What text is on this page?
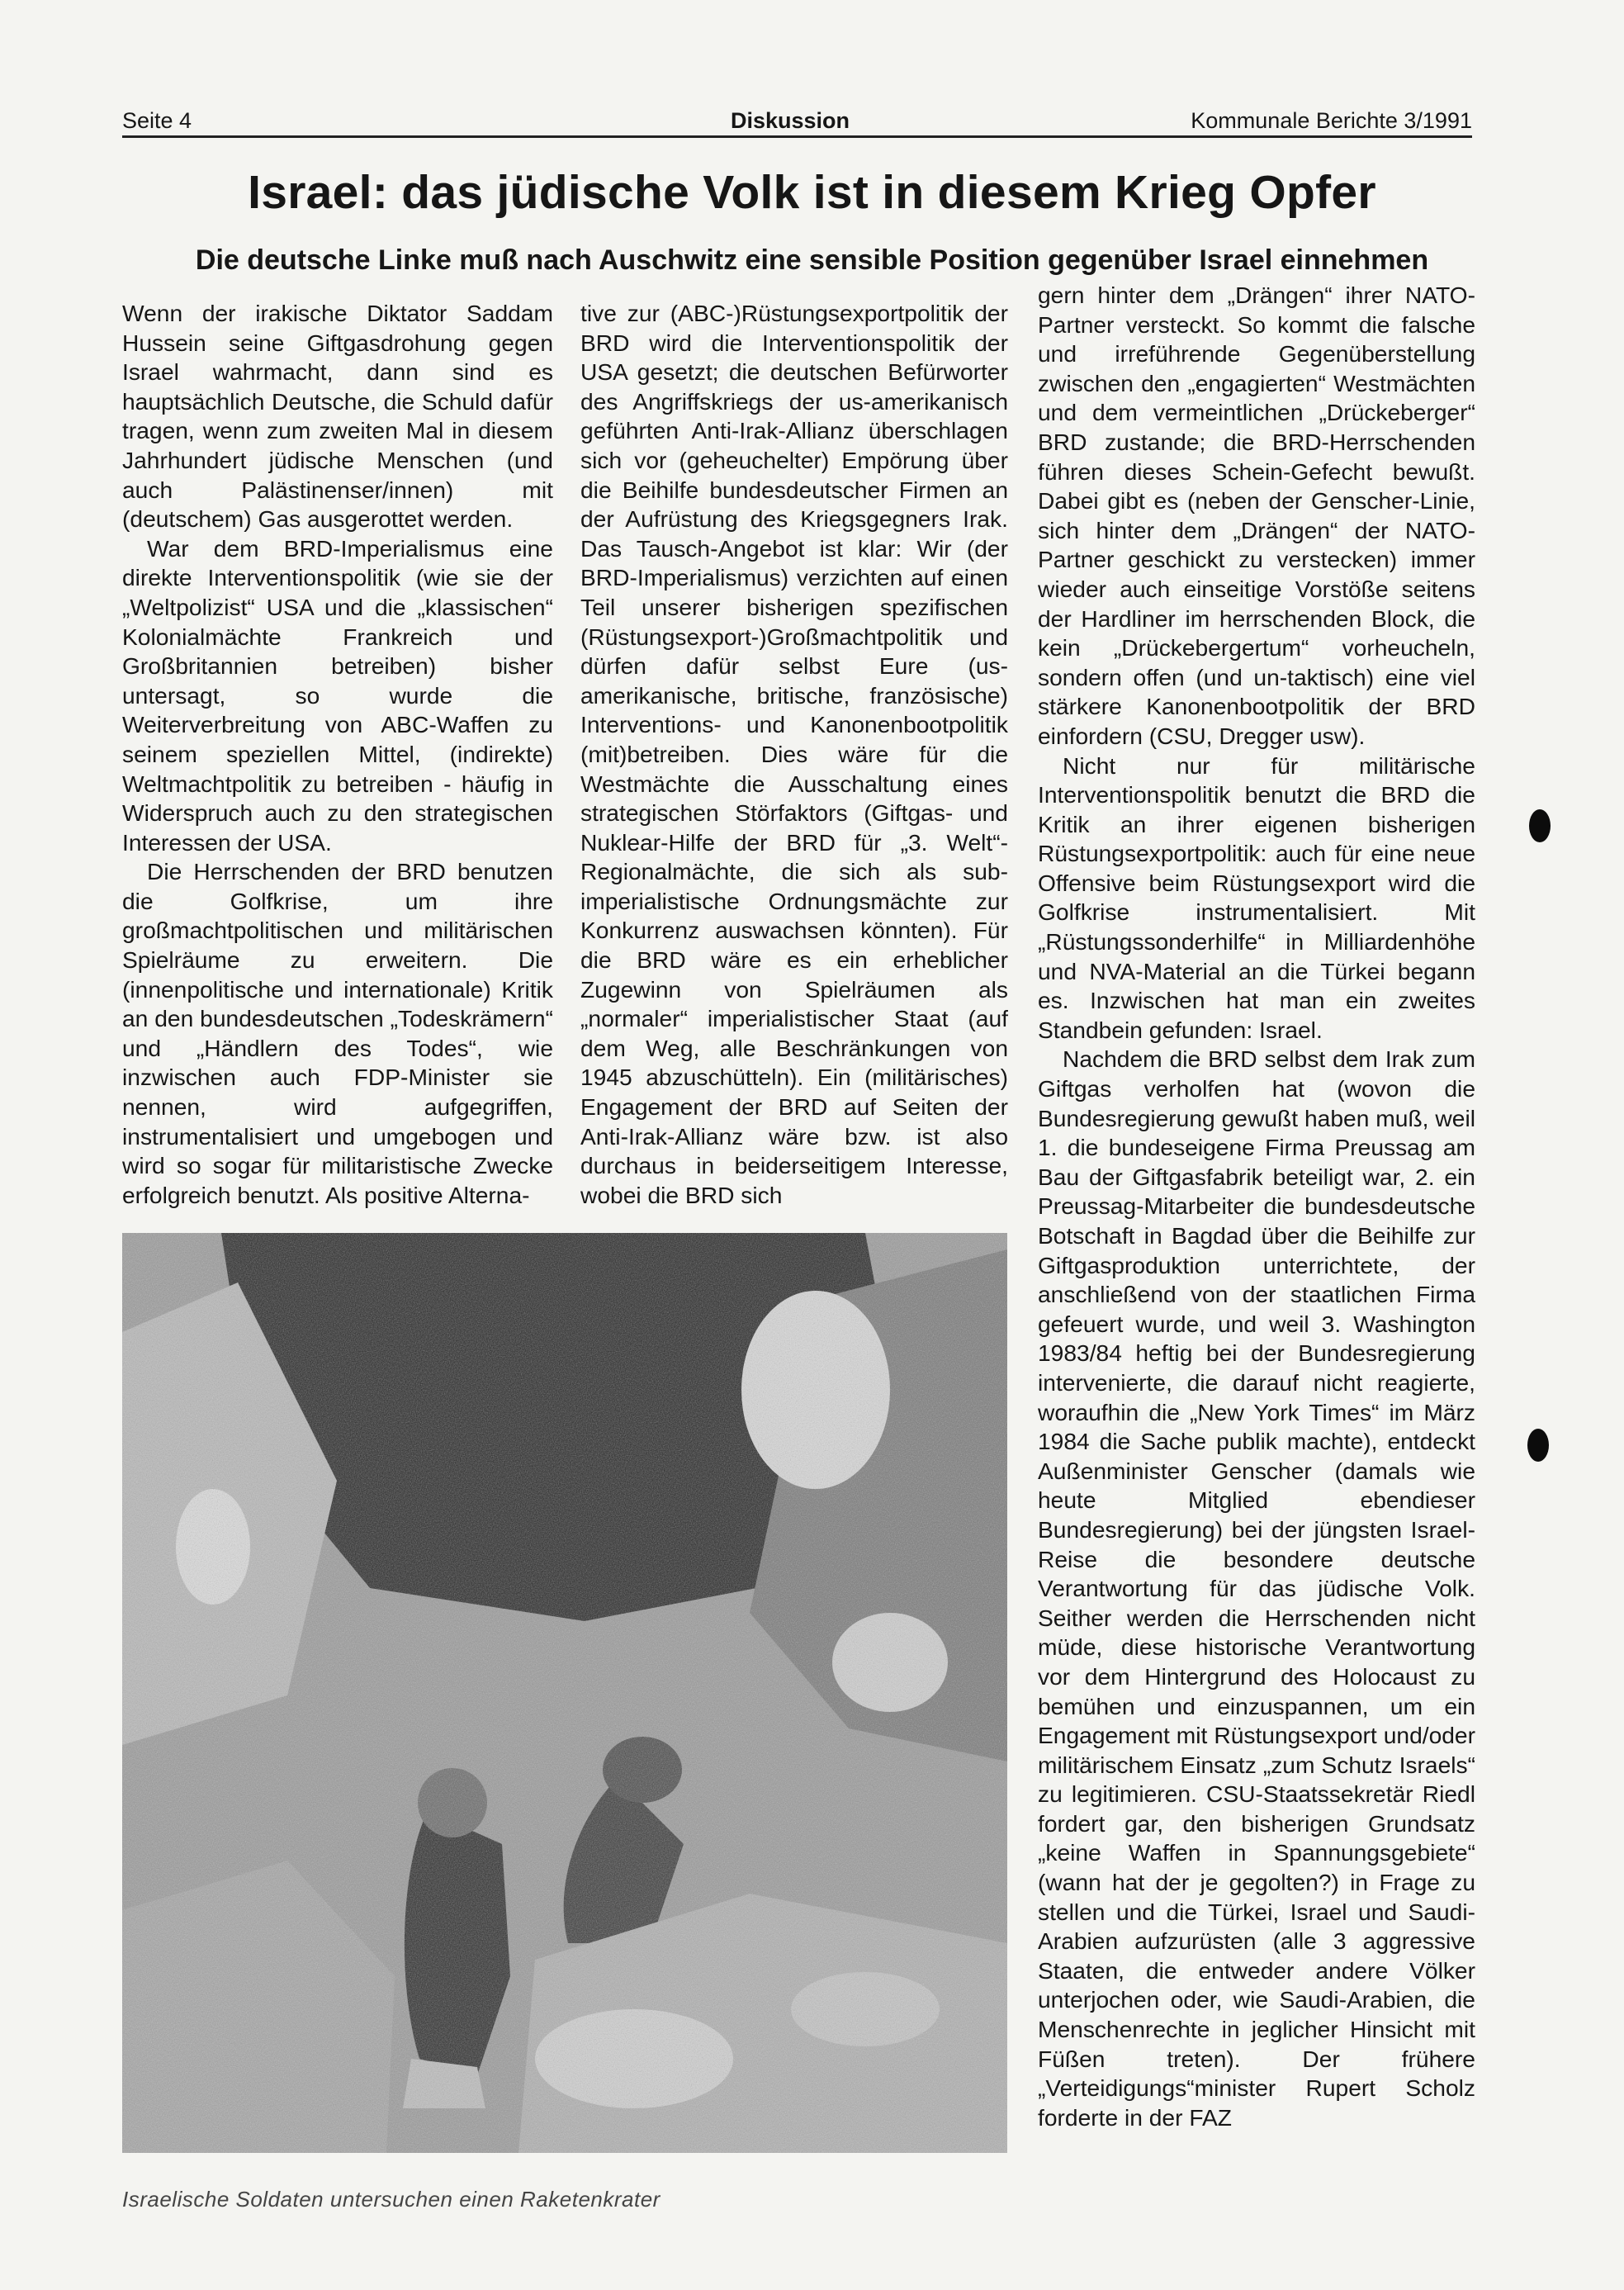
Seite 4	Diskussion	Kommunale Berichte 3/1991
Israel: das jüdische Volk ist in diesem Krieg Opfer
Die deutsche Linke muß nach Auschwitz eine sensible Position gegenüber Israel einnehmen

Wenn der irakische Diktator Saddam Hussein seine Giftgasdrohung gegen Israel wahrmacht, dann sind es hauptsächlich Deutsche, die Schuld dafür tragen, wenn zum zweiten Mal in diesem Jahrhundert jüdische Menschen (und auch Palästinenser/innen) mit (deutschem) Gas ausgerottet werden.

War dem BRD-Imperialismus eine direkte Interventionspolitik (wie sie der „Weltpolizist“ USA und die „klassischen“ Kolonialmächte Frankreich und Großbritannien betreiben) bisher untersagt, so wurde die Weiterverbreitung von ABC-Waffen zu seinem speziellen Mittel, (indirekte) Weltmachtpolitik zu betreiben - häufig in Widerspruch auch zu den strategischen Interessen der USA.

Die Herrschenden der BRD benutzen die Golfkrise, um ihre großmachtpolitischen und militärischen Spielräume zu erweitern. Die (innenpolitische und internationale) Kritik an den bundesdeutschen „Todeskrämern“ und „Händlern des Todes“, wie inzwischen auch FDP-Minister sie nennen, wird aufgegriffen, instrumentalisiert und umgebogen und wird so sogar für militaristische Zwecke erfolgreich benutzt. Als positive Alterna-

tive zur (ABC-)Rüstungsexportpolitik der BRD wird die Interventionspolitik der USA gesetzt; die deutschen Befürworter des Angriffskriegs der us-amerikanisch geführten Anti-Irak-Allianz überschlagen sich vor (geheuchelter) Empörung über die Beihilfe bundesdeutscher Firmen an der Aufrüstung des Kriegsgegners Irak. Das Tausch-Angebot ist klar: Wir (der BRD-Imperialismus) verzichten auf einen Teil unserer bisherigen spezifischen (Rüstungsexport-)Großmachtpolitik und dürfen dafür selbst Eure (us-amerikanische, britische, französische) Interventions- und Kanonenbootpolitik (mit)betreiben. Dies wäre für die Westmächte die Ausschaltung eines strategischen Störfaktors (Giftgas- und Nuklear-Hilfe der BRD für „3. Welt“-Regionalmächte, die sich als sub-imperialistische Ordnungsmächte zur Konkurrenz auswachsen könnten). Für die BRD wäre es ein erheblicher Zugewinn von Spielräumen als „normaler“ imperialistischer Staat (auf dem Weg, alle Beschränkungen von 1945 abzuschütteln). Ein (militärisches) Engagement der BRD auf Seiten der Anti-Irak-Allianz wäre bzw. ist also durchaus in beiderseitigem Interesse, wobei die BRD sich

gern hinter dem „Drängen“ ihrer NATO-Partner versteckt. So kommt die falsche und irreführende Gegenüberstellung zwischen den „engagierten“ Westmächten und dem vermeintlichen „Drückeberger“ BRD zustande; die BRD-Herrschenden führen dieses Schein-Gefecht bewußt. Dabei gibt es (neben der Genscher-Linie, sich hinter dem „Drängen“ der NATO-Partner geschickt zu verstecken) immer wieder auch einseitige Vorstöße seitens der Hardliner im herrschenden Block, die kein „Drückebergertum“ vorheucheln, sondern offen (und un-taktisch) eine viel stärkere Kanonenbootpolitik der BRD einfordern (CSU, Dregger usw).

Nicht nur für militärische Interventionspolitik benutzt die BRD die Kritik an ihrer eigenen bisherigen Rüstungsexportpolitik: auch für eine neue Offensive beim Rüstungsexport wird die Golfkrise instrumentalisiert. Mit „Rüstungssonderhilfe“ in Milliardenhöhe und NVA-Material an die Türkei begann es. Inzwischen hat man ein zweites Standbein gefunden: Israel.

Nachdem die BRD selbst dem Irak zum Giftgas verholfen hat (wovon die Bundesregierung gewußt haben muß, weil 1. die bundeseigene Firma Preussag am Bau der Giftgasfabrik beteiligt war, 2. ein Preussag-Mitarbeiter die bundesdeutsche Botschaft in Bagdad über die Beihilfe zur Giftgasproduktion unterrichtete, der anschließend von der staatlichen Firma gefeuert wurde, und weil 3. Washington 1983/84 heftig bei der Bundesregierung intervenierte, die darauf nicht reagierte, woraufhin die „New York Times“ im März 1984 die Sache publik machte), entdeckt Außenminister Genscher (damals wie heute Mitglied ebendieser Bundesregierung) bei der jüngsten Israel-Reise die besondere deutsche Verantwortung für das jüdische Volk. Seither werden die Herrschenden nicht müde, diese historische Verantwortung vor dem Hintergrund des Holocaust zu bemühen und einzuspannen, um ein Engagement mit Rüstungsexport und/oder militärischem Einsatz „zum Schutz Israels“ zu legitimieren. CSU-Staatssekretär Riedl fordert gar, den bisherigen Grundsatz „keine Waffen in Spannungsgebiete“ (wann hat der je gegolten?) in Frage zu stellen und die Türkei, Israel und Saudi-Arabien aufzurüsten (alle 3 aggressive Staaten, die entweder andere Völker unterjochen oder, wie Saudi-Arabien, die Menschenrechte in jeglicher Hinsicht mit Füßen treten). Der frühere „Verteidigungs“minister Rupert Scholz forderte in der FAZ

Israelische Soldaten untersuchen einen Raketenkrater
